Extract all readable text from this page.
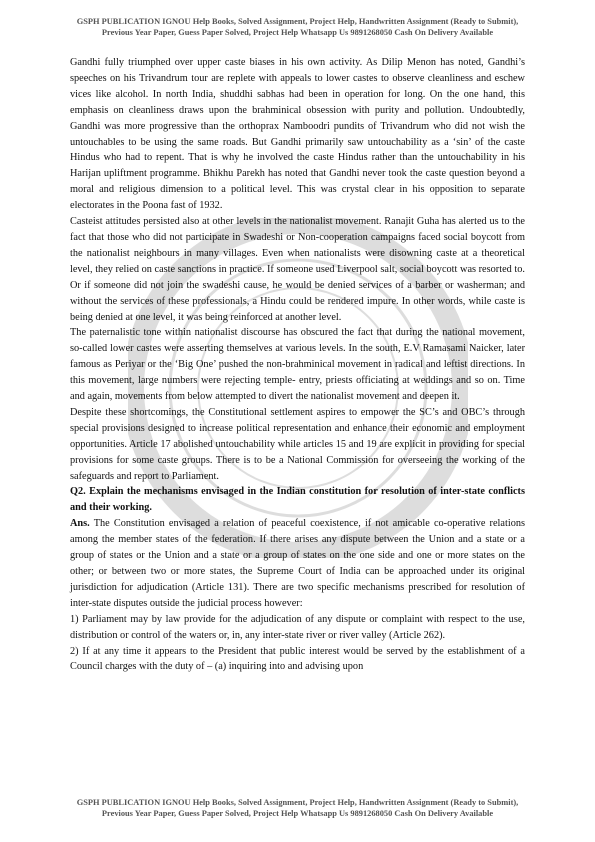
GSPH PUBLICATION IGNOU Help Books, Solved Assignment, Project Help, Handwritten Assignment (Ready to Submit), Previous Year Paper, Guess Paper Solved, Project Help Whatsapp Us 9891268050 Cash On Delivery Available

Gandhi fully triumphed over upper caste biases in his own activity. As Dilip Menon has noted, Gandhi’s speeches on his Trivandrum tour are replete with appeals to lower castes to observe cleanliness and eschew vices like alcohol. In north India, shuddhi sabhas had been in operation for long. On the one hand, this emphasis on cleanliness draws upon the brahminical obsession with purity and pollution. Undoubtedly, Gandhi was more progressive than the orthoprax Namboodri pundits of Trivandrum who did not wish the untouchables to be using the same roads. But Gandhi primarily saw untouchability as a ‘sin’ of the caste Hindus who had to repent. That is why he involved the caste Hindus rather than the untouchability in his Harijan upliftment programme. Bhikhu Parekh has noted that Gandhi never took the caste question beyond a moral and religious dimension to a political level. This was crystal clear in his opposition to separate electorates in the Poona fast of 1932.

Casteist attitudes persisted also at other levels in the nationalist movement. Ranajit Guha has alerted us to the fact that those who did not participate in Swadeshi or Non-cooperation campaigns faced social boycott from the nationalist neighbours in many villages. Even when nationalists were disowning caste at a theoretical level, they relied on caste sanctions in practice. If someone used Liverpool salt, social boycott was resorted to. Or if someone did not join the swadeshi cause, he would be denied services of a barber or washerman; and without the services of these professionals, a Hindu could be rendered impure. In other words, while caste is being denied at one level, it was being reinforced at another level.

The paternalistic tone within nationalist discourse has obscured the fact that during the national movement, so-called lower castes were asserting themselves at various levels. In the south, E.V Ramasami Naicker, later famous as Periyar or the ‘Big One’ pushed the non-brahminical movement in radical and leftist directions. In this movement, large numbers were rejecting temple- entry, priests officiating at weddings and so on. Time and again, movements from below attempted to divert the nationalist movement and deepen it.

Despite these shortcomings, the Constitutional settlement aspires to empower the SC’s and OBC’s through special provisions designed to increase political representation and enhance their economic and employment opportunities. Article 17 abolished untouchability while articles 15 and 19 are explicit in providing for special provisions for some caste groups. There is to be a National Commission for overseeing the working of the safeguards and report to Parliament.

Q2. Explain the mechanisms envisaged in the Indian constitution for resolution of inter-state conflicts and their working.

Ans. The Constitution envisaged a relation of peaceful coexistence, if not amicable co-operative relations among the member states of the federation. If there arises any dispute between the Union and a state or a group of states or the Union and a state or a group of states on the one side and one or more states on the other; or between two or more states, the Supreme Court of India can be approached under its original jurisdiction for adjudication (Article 131). There are two specific mechanisms prescribed for resolution of inter-state disputes outside the judicial process however:

1) Parliament may by law provide for the adjudication of any dispute or complaint with respect to the use, distribution or control of the waters or, in, any inter-state river or river valley (Article 262).

2) If at any time it appears to the President that public interest would be served by the establishment of a Council charges with the duty of – (a) inquiring into and advising upon

GSPH PUBLICATION IGNOU Help Books, Solved Assignment, Project Help, Handwritten Assignment (Ready to Submit), Previous Year Paper, Guess Paper Solved, Project Help Whatsapp Us 9891268050 Cash On Delivery Available
